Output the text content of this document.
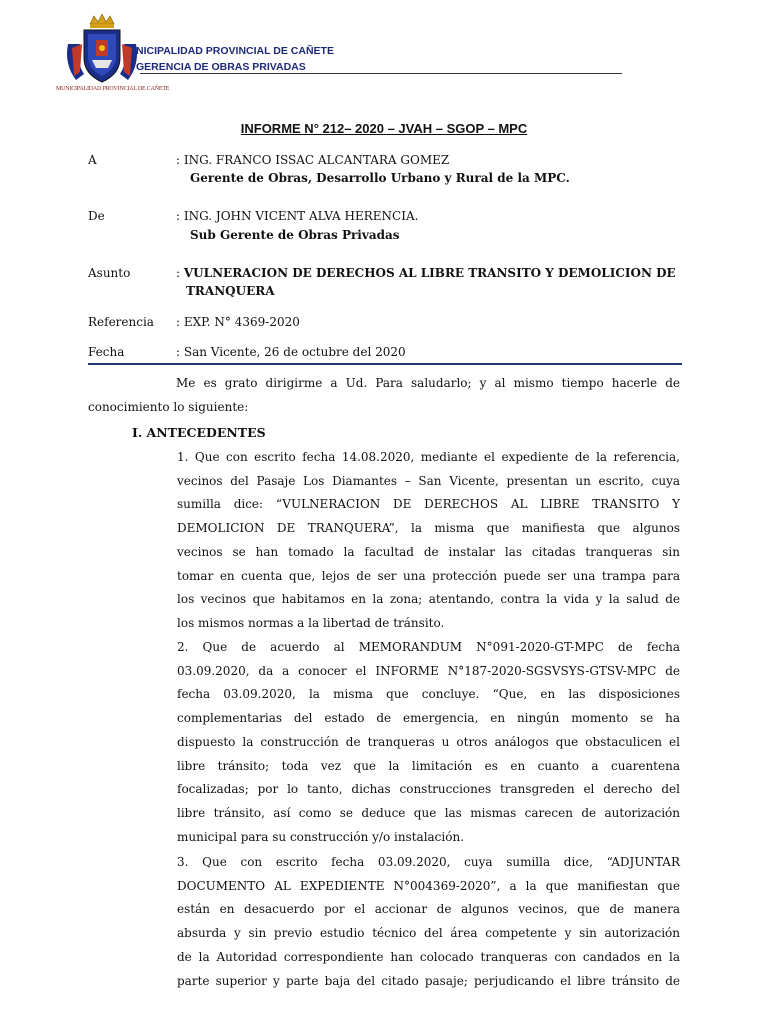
NICIPALIDAD PROVINCIAL DE CAÑETE
GERENCIA DE OBRAS PRIVADAS
MUNICIPALIDAD PROVINCIAL DE CAÑETE
INFORME N° 212– 2020 – JVAH – SGOP – MPC
A	: ING. FRANCO ISSAC ALCANTARA GOMEZ
Gerente de Obras, Desarrollo Urbano y Rural de la MPC.
De	: ING. JOHN VICENT ALVA HERENCIA.
Sub Gerente de Obras Privadas
Asunto	: VULNERACION DE DERECHOS AL LIBRE TRANSITO Y DEMOLICION DE
TRANQUERA
Referencia : EXP. N° 4369-2020
Fecha	: San Vicente, 26 de octubre del 2020
Me es grato dirigirme a Ud. Para saludarlo; y al mismo tiempo hacerle de
conocimiento lo siguiente:
I. ANTECEDENTES
1. Que con escrito fecha 14.08.2020, mediante el expediente de la referencia,
vecinos del Pasaje Los Diamantes – San Vicente, presentan un escrito, cuya
sumilla dice: “VULNERACION DE DERECHOS AL LIBRE TRANSITO Y
DEMOLICION DE TRANQUERA”, la misma que manifiesta que algunos
vecinos se han tomado la facultad de instalar las citadas tranqueras sin
tomar en cuenta que, lejos de ser una protección puede ser una trampa para
los vecinos que habitamos en la zona; atentando, contra la vida y la salud de
los mismos normas a la libertad de tránsito.
2. Que de acuerdo al MEMORANDUM N°091-2020-GT-MPC de fecha
03.09.2020, da a conocer el INFORME N°187-2020-SGSVSYS-GTSV-MPC de
fecha 03.09.2020, la misma que concluye. “Que, en las disposiciones
complementarias del estado de emergencia, en ningún momento se ha
dispuesto la construcción de tranqueras u otros análogos que obstaculicen el
libre tránsito; toda vez que la limitación es en cuanto a cuarentena
focalizadas; por lo tanto, dichas construcciones transgreden el derecho del
libre tránsito, así como se deduce que las mismas carecen de autorización
municipal para su construcción y/o instalación.
3. Que con escrito fecha 03.09.2020, cuya sumilla dice, “ADJUNTAR
DOCUMENTO AL EXPEDIENTE N°004369-2020”, a la que manifiestan que
están en desacuerdo por el accionar de algunos vecinos, que de manera
absurda y sin previo estudio técnico del área competente y sin autorización
de la Autoridad correspondiente han colocado tranqueras con candados en la
parte superior y parte baja del citado pasaje; perjudicando el libre tránsito de
